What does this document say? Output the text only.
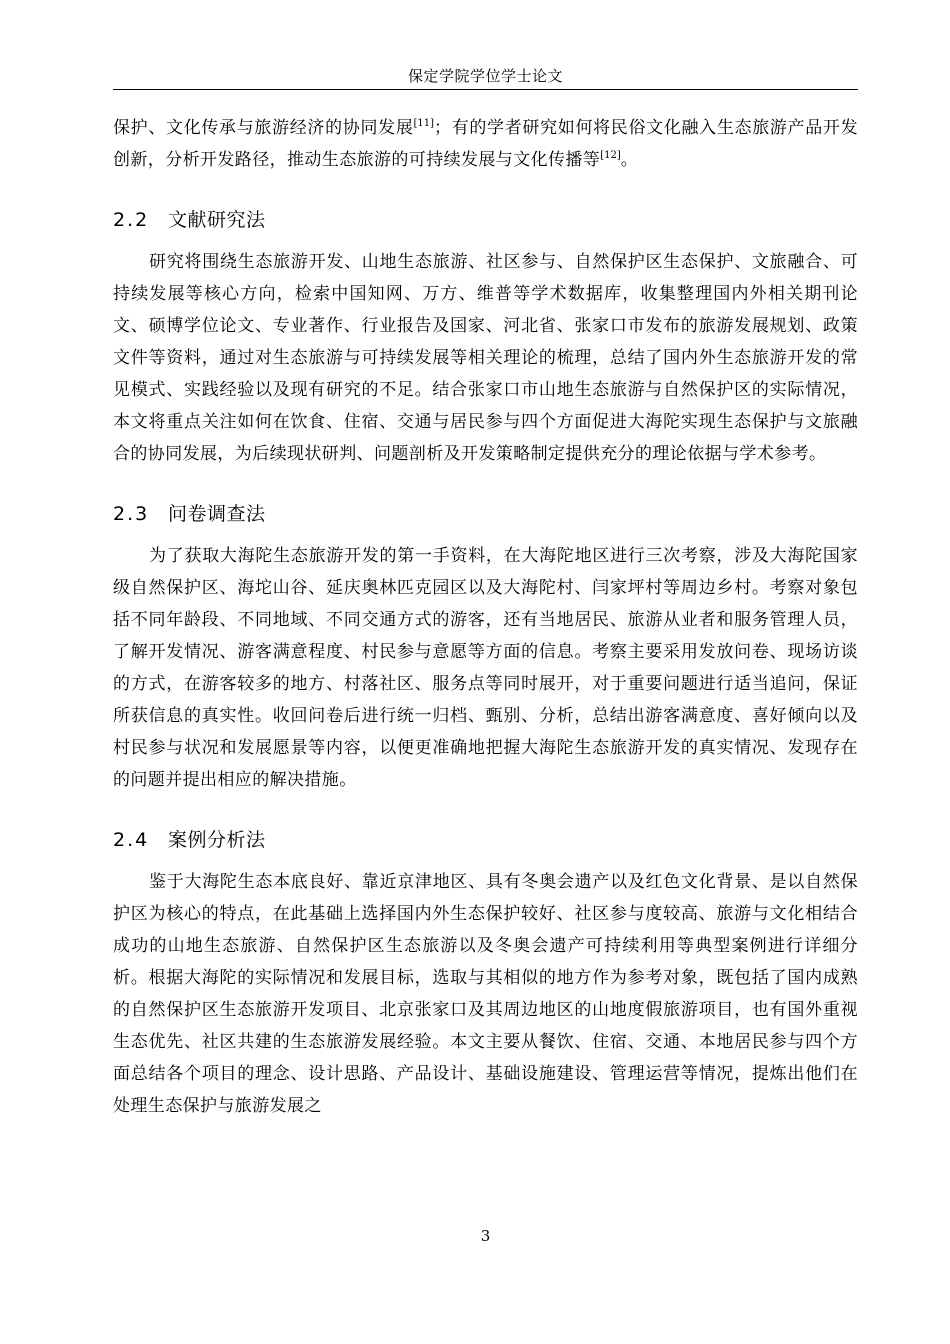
保定学院学位学士论文

保护、文化传承与旅游经济的协同发展[11]；有的学者研究如何将民俗文化融入生态旅游产品开发创新，分析开发路径，推动生态旅游的可持续发展与文化传播等[12]。

2.2 文献研究法

研究将围绕生态旅游开发、山地生态旅游、社区参与、自然保护区生态保护、文旅融合、可持续发展等核心方向，检索中国知网、万方、维普等学术数据库，收集整理国内外相关期刊论文、硕博学位论文、专业著作、行业报告及国家、河北省、张家口市发布的旅游发展规划、政策文件等资料，通过对生态旅游与可持续发展等相关理论的梳理，总结了国内外生态旅游开发的常见模式、实践经验以及现有研究的不足。结合张家口市山地生态旅游与自然保护区的实际情况，本文将重点关注如何在饮食、住宿、交通与居民参与四个方面促进大海陀实现生态保护与文旅融合的协同发展，为后续现状研判、问题剖析及开发策略制定提供充分的理论依据与学术参考。

2.3 问卷调查法

为了获取大海陀生态旅游开发的第一手资料，在大海陀地区进行三次考察，涉及大海陀国家级自然保护区、海坨山谷、延庆奥林匹克园区以及大海陀村、闫家坪村等周边乡村。考察对象包括不同年龄段、不同地域、不同交通方式的游客，还有当地居民、旅游从业者和服务管理人员，了解开发情况、游客满意程度、村民参与意愿等方面的信息。考察主要采用发放问卷、现场访谈的方式，在游客较多的地方、村落社区、服务点等同时展开，对于重要问题进行适当追问，保证所获信息的真实性。收回问卷后进行统一归档、甄别、分析，总结出游客满意度、喜好倾向以及村民参与状况和发展愿景等内容，以便更准确地把握大海陀生态旅游开发的真实情况、发现存在的问题并提出相应的解决措施。

2.4 案例分析法

鉴于大海陀生态本底良好、靠近京津地区、具有冬奥会遗产以及红色文化背景、是以自然保护区为核心的特点，在此基础上选择国内外生态保护较好、社区参与度较高、旅游与文化相结合成功的山地生态旅游、自然保护区生态旅游以及冬奥会遗产可持续利用等典型案例进行详细分析。根据大海陀的实际情况和发展目标，选取与其相似的地方作为参考对象，既包括了国内成熟的自然保护区生态旅游开发项目、北京张家口及其周边地区的山地度假旅游项目，也有国外重视生态优先、社区共建的生态旅游发展经验。本文主要从餐饮、住宿、交通、本地居民参与四个方面总结各个项目的理念、设计思路、产品设计、基础设施建设、管理运营等情况，提炼出他们在处理生态保护与旅游发展之

3
